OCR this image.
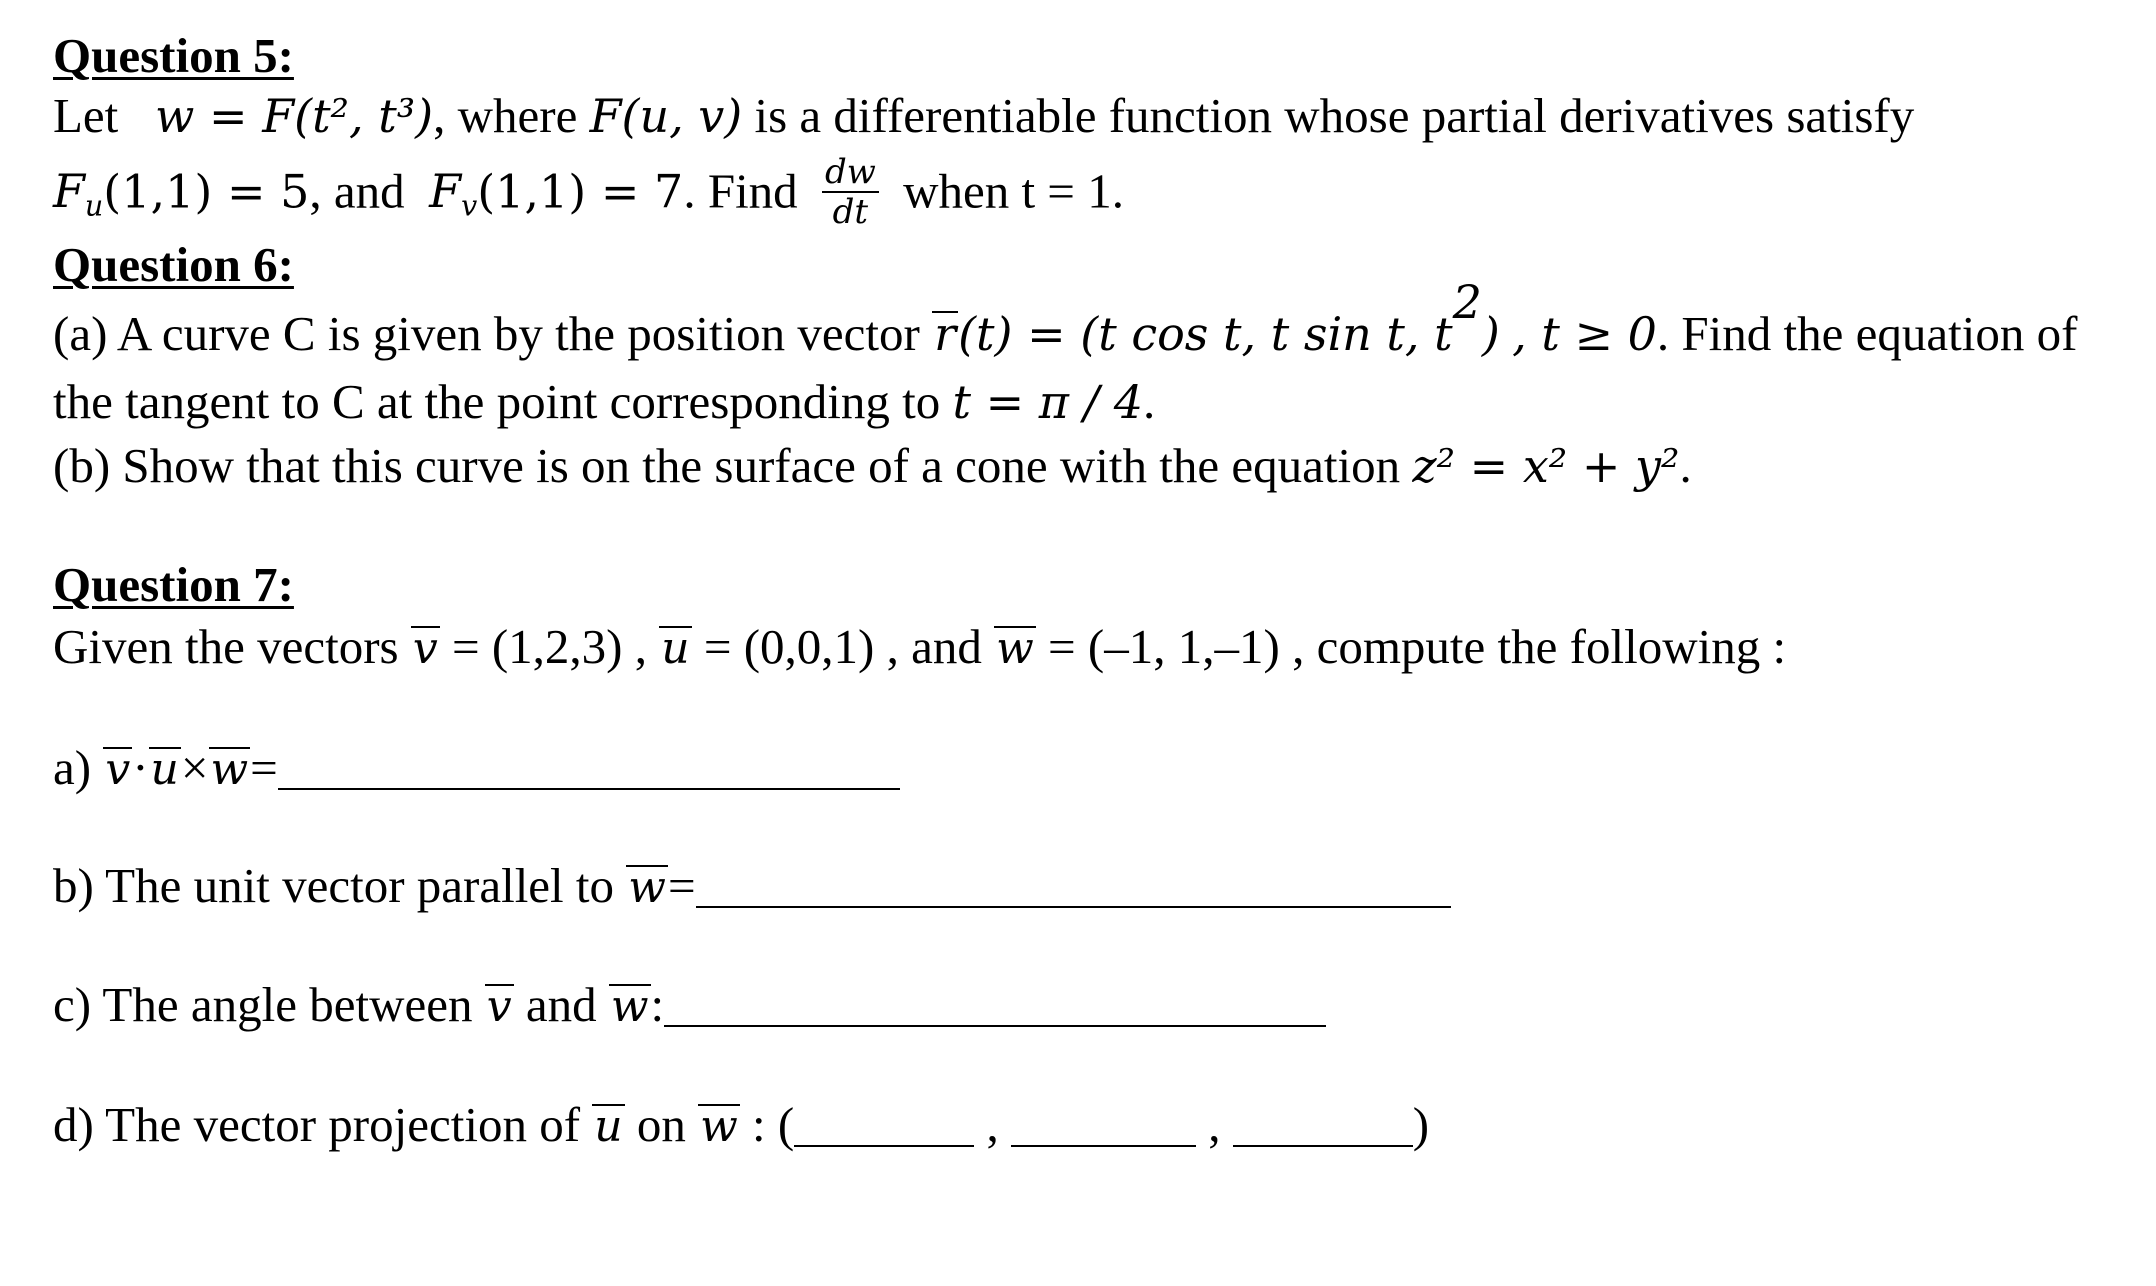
Question 5:
Let w = F(t², t³), where F(u, v) is a differentiable function whose partial derivatives satisfy
$F_u(1,1) = 5$, and $F_v(1,1) = 7$. Find $\frac{dw}{dt}$ when t = 1.
Question 6:
(a) A curve C is given by the position vector r(t) = (t cos t, t sin t, $t^2$) , t ≥ 0. Find the equation of
the tangent to C at the point corresponding to t = π / 4.
(b) Show that this curve is on the surface of a cone with the equation z² = x² + y².
Question 7:
Given the vectors v = (1,2,3) , u = (0,0,1) , and w = (–1, 1,–1) , compute the following :
a) v·u×w=
b) The unit vector parallel to w=
c) The angle between v and w:
d) The vector projection of u on w : (	,	,	)
